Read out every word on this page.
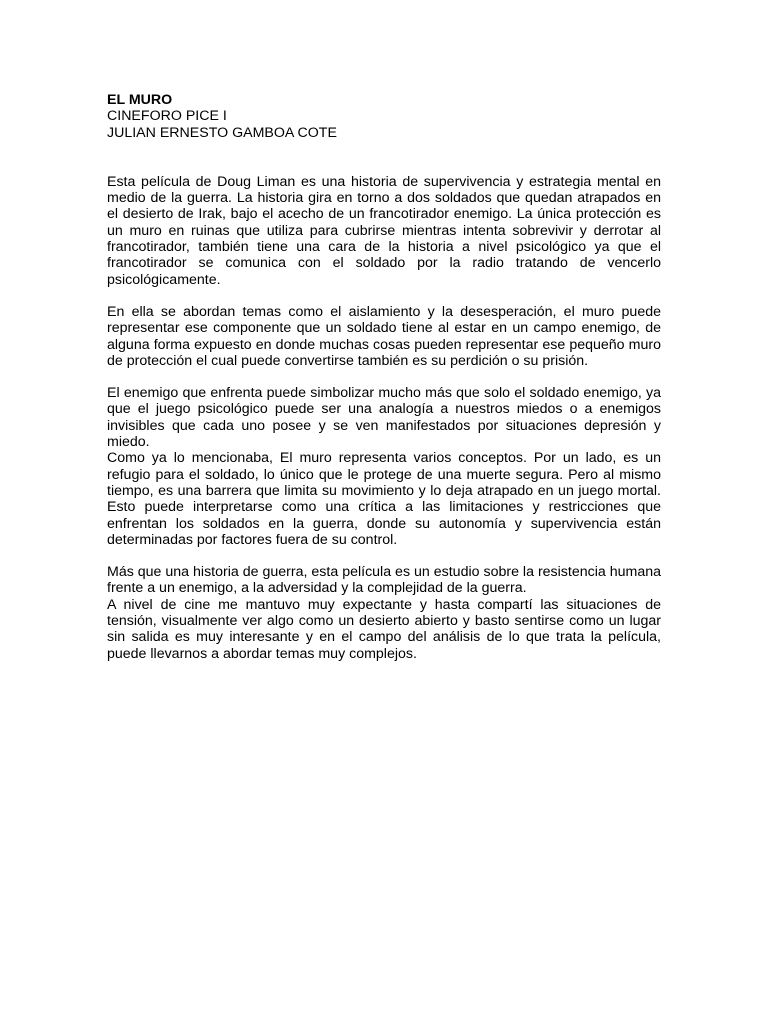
EL MURO
CINEFORO PICE I
JULIAN ERNESTO GAMBOA COTE

Esta película de Doug Liman es una historia de supervivencia y estrategia mental en medio de la guerra. La historia gira en torno a dos soldados que quedan atrapados en el desierto de Irak, bajo el acecho de un francotirador enemigo. La única protección es un muro en ruinas que utiliza para cubrirse mientras intenta sobrevivir y derrotar al francotirador, también tiene una cara de la historia a nivel psicológico ya que el francotirador se comunica con el soldado por la radio tratando de vencerlo psicológicamente.

En ella se abordan temas como el aislamiento y la desesperación, el muro puede representar ese componente que un soldado tiene al estar en un campo enemigo, de alguna forma expuesto en donde muchas cosas pueden representar ese pequeño muro de protección el cual puede convertirse también es su perdición o su prisión.

El enemigo que enfrenta puede simbolizar mucho más que solo el soldado enemigo, ya que el juego psicológico puede ser una analogía a nuestros miedos o a enemigos invisibles que cada uno posee y se ven manifestados por situaciones depresión y miedo.
Como ya lo mencionaba, El muro representa varios conceptos. Por un lado, es un refugio para el soldado, lo único que le protege de una muerte segura. Pero al mismo tiempo, es una barrera que limita su movimiento y lo deja atrapado en un juego mortal. Esto puede interpretarse como una crítica a las limitaciones y restricciones que enfrentan los soldados en la guerra, donde su autonomía y supervivencia están determinadas por factores fuera de su control.

Más que una historia de guerra, esta película es un estudio sobre la resistencia humana frente a un enemigo, a la adversidad y la complejidad de la guerra.
A nivel de cine me mantuvo muy expectante y hasta compartí las situaciones de tensión, visualmente ver algo como un desierto abierto y basto sentirse como un lugar sin salida es muy interesante y en el campo del análisis de lo que trata la película, puede llevarnos a abordar temas muy complejos.
